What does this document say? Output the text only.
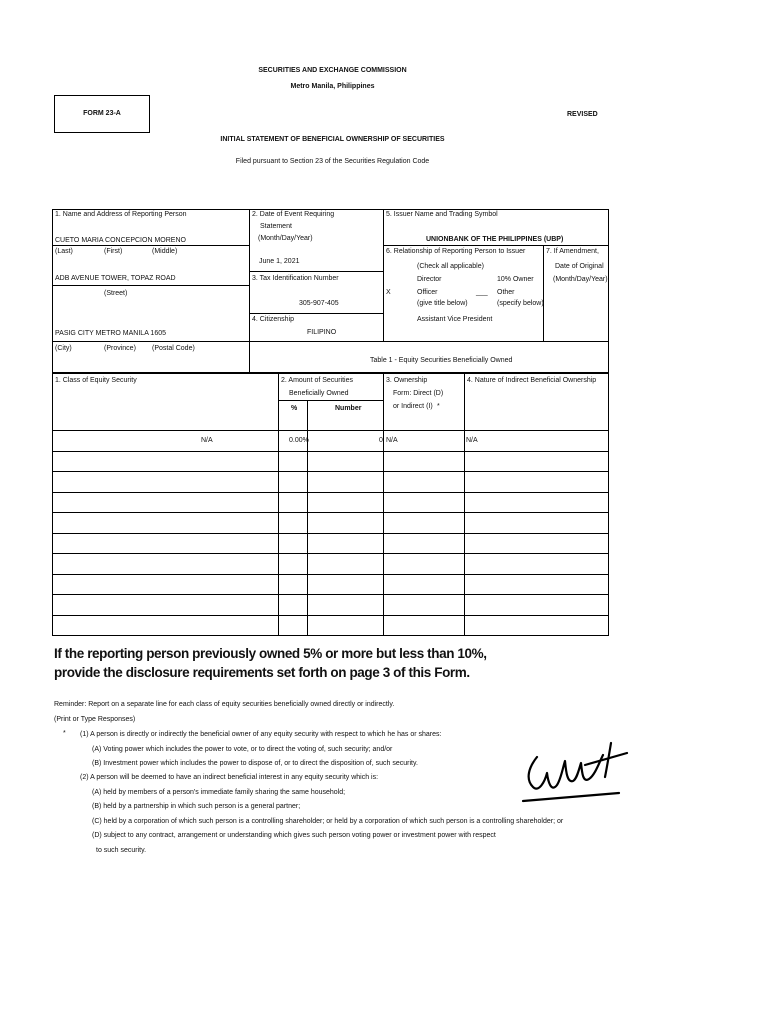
SECURITIES AND EXCHANGE COMMISSION
Metro Manila, Philippines
FORM 23-A	REVISED
INITIAL STATEMENT OF BENEFICIAL OWNERSHIP OF SECURITIES
Filed pursuant to Section 23 of the Securities Regulation Code
1. Name and Address of Reporting Person
CUETO MARIA CONCEPCION MORENO
(Last)	(First)	(Middle)
ADB AVENUE TOWER, TOPAZ ROAD
(Street)
PASIG CITY METRO MANILA 1605
(City)	(Province) (Postal Code)
2. Date of Event Requiring
Statement
(Month/Day/Year)
June 1, 2021
3. Tax Identification Number
305-907-405
4. Citizenship
FILIPINO
5. Issuer Name and Trading Symbol
UNIONBANK OF THE PHILIPPINES (UBP)
6. Relationship of Reporting Person to Issuer
(Check all applicable)
Director	10% Owner
X	Officer	___ Other
(give title below)	(specify below)
Assistant Vice President
7. If Amendment,
Date of Original
(Month/Day/Year)
Table 1 - Equity Securities Beneficially Owned
1. Class of Equity Security	2. Amount of Securities
Beneficially Owned
%	Number
3. Ownership
Form: Direct (D)
or Indirect (I) *
4. Nature of Indirect Beneficial Ownership
N/A	0.00%	0 N/A	N/A
If the reporting person previously owned 5% or more but less than 10%,
provide the disclosure requirements set forth on page 3 of this Form.
Reminder: Report on a separate line for each class of equity securities beneficially owned directly or indirectly.
(Print or Type Responses)
* (1) A person is directly or indirectly the beneficial owner of any equity security with respect to which he has or shares:
(A) Voting power which includes the power to vote, or to direct the voting of, such security; and/or
(B) Investment power which includes the power to dispose of, or to direct the disposition of, such security.
(2) A person will be deemed to have an indirect beneficial interest in any equity security which is:
(A) held by members of a person's immediate family sharing the same household;
(B) held by a partnership in which such person is a general partner;
(C) held by a corporation of which such person is a controlling shareholder; or held by a corporation of which such person is a controlling shareholder; or
(D) subject to any contract, arrangement or understanding which gives such person voting power or investment power with respect
to such security.
